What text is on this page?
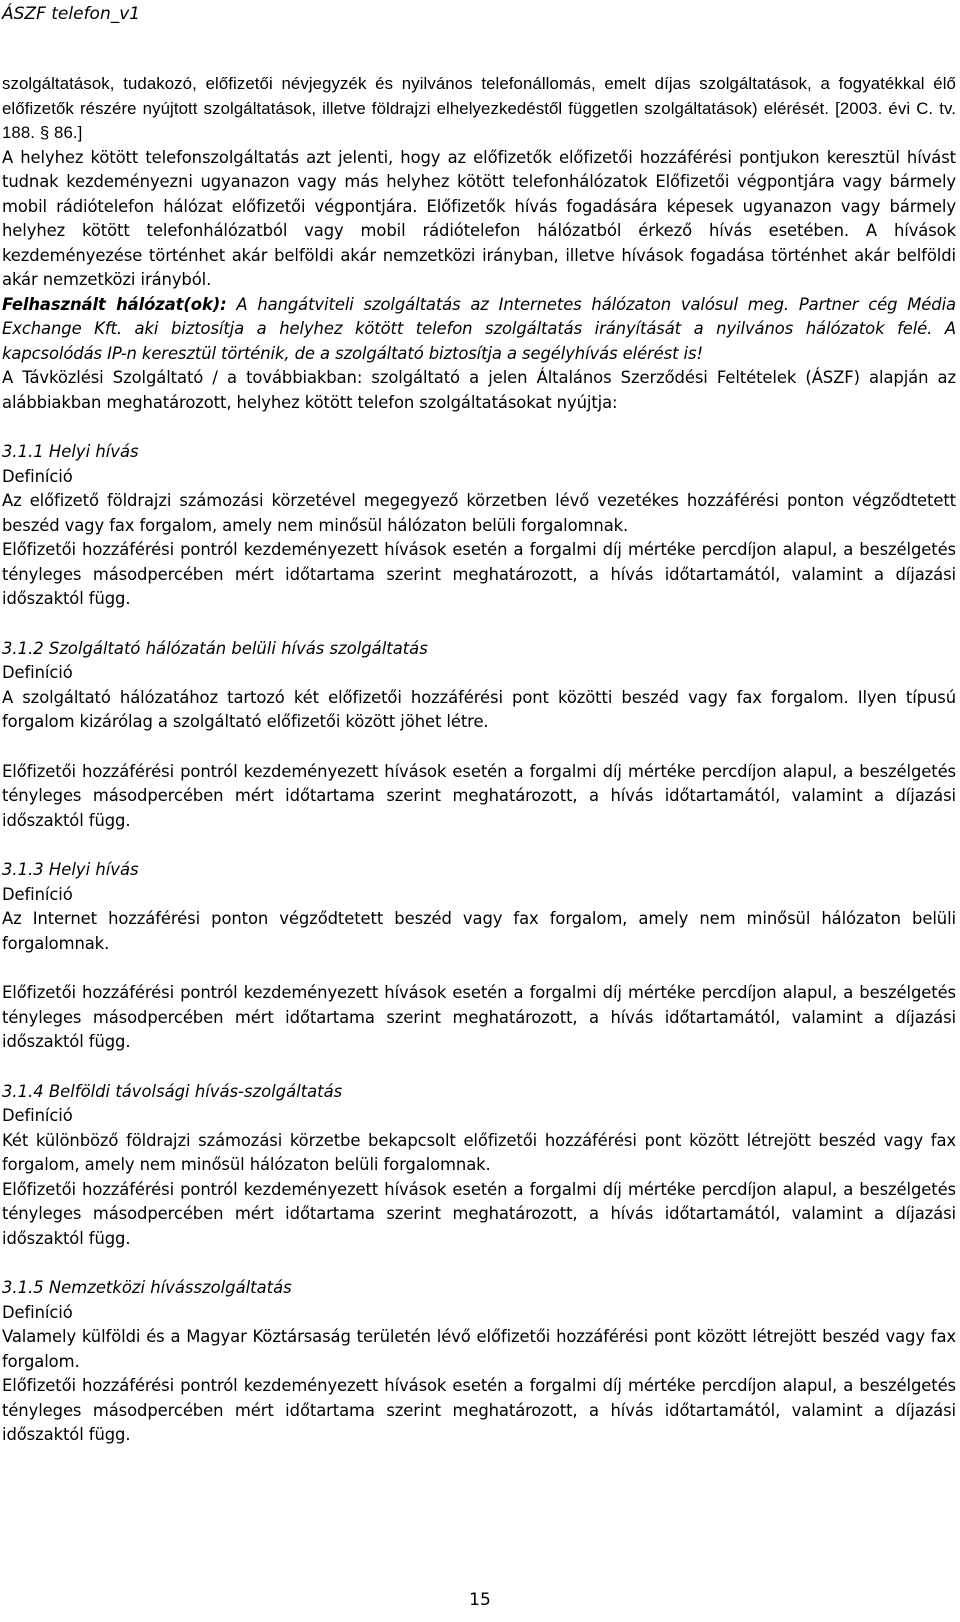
ÁSZF telefon_v1

szolgáltatások, tudakozó, előfizetői névjegyzék és nyilvános telefonállomás, emelt díjas szolgáltatások, a fogyatékkal élő előfizetők részére nyújtott szolgáltatások, illetve földrajzi elhelyezkedéstől független szolgáltatások) elérését. [2003. évi C. tv. 188. § 86.]

A helyhez kötött telefonszolgáltatás azt jelenti, hogy az előfizetők előfizetői hozzáférési pontjukon keresztül hívást tudnak kezdeményezni ugyanazon vagy más helyhez kötött telefonhálózatok Előfizetői végpontjára vagy bármely mobil rádiótelefon hálózat előfizetői végpontjára. Előfizetők hívás fogadására képesek ugyanazon vagy bármely helyhez kötött telefonhálózatból vagy mobil rádiótelefon hálózatból érkező hívás esetében. A hívások kezdeményezése történhet akár belföldi akár nemzetközi irányban, illetve hívások fogadása történhet akár belföldi akár nemzetközi irányból.

Felhasznált hálózat(ok): A hangátviteli szolgáltatás az Internetes hálózaton valósul meg. Partner cég Média Exchange Kft. aki biztosítja a helyhez kötött telefon szolgáltatás irányítását a nyilvános hálózatok felé. A kapcsolódás IP-n keresztül történik, de a szolgáltató biztosítja a segélyhívás elérést is!

A Távközlési Szolgáltató / a továbbiakban: szolgáltató a jelen Általános Szerződési Feltételek (ÁSZF) alapján az alábbiakban meghatározott, helyhez kötött telefon szolgáltatásokat nyújtja:

3.1.1 Helyi hívás

Definíció

Az előfizető földrajzi számozási körzetével megegyező körzetben lévő vezetékes hozzáférési ponton végződtetett beszéd vagy fax forgalom, amely nem minősül hálózaton belüli forgalomnak.

Előfizetői hozzáférési pontról kezdeményezett hívások esetén a forgalmi díj mértéke percdíjon alapul, a beszélgetés tényleges másodpercében mért időtartama szerint meghatározott, a hívás időtartamától, valamint a díjazási időszaktól függ.

3.1.2 Szolgáltató hálózatán belüli hívás szolgáltatás

Definíció

A szolgáltató hálózatához tartozó két előfizetői hozzáférési pont közötti beszéd vagy fax forgalom. Ilyen típusú forgalom kizárólag a szolgáltató előfizetői között jöhet létre.

Előfizetői hozzáférési pontról kezdeményezett hívások esetén a forgalmi díj mértéke percdíjon alapul, a beszélgetés tényleges másodpercében mért időtartama szerint meghatározott, a hívás időtartamától, valamint a díjazási időszaktól függ.

3.1.3 Helyi hívás

Definíció

Az Internet hozzáférési ponton végződtetett beszéd vagy fax forgalom, amely nem minősül hálózaton belüli forgalomnak.

Előfizetői hozzáférési pontról kezdeményezett hívások esetén a forgalmi díj mértéke percdíjon alapul, a beszélgetés tényleges másodpercében mért időtartama szerint meghatározott, a hívás időtartamától, valamint a díjazási időszaktól függ.

3.1.4 Belföldi távolsági hívás-szolgáltatás

Definíció

Két különböző földrajzi számozási körzetbe bekapcsolt előfizetői hozzáférési pont között létrejött beszéd vagy fax forgalom, amely nem minősül hálózaton belüli forgalomnak.

Előfizetői hozzáférési pontról kezdeményezett hívások esetén a forgalmi díj mértéke percdíjon alapul, a beszélgetés tényleges másodpercében mért időtartama szerint meghatározott, a hívás időtartamától, valamint a díjazási időszaktól függ.

3.1.5 Nemzetközi hívásszolgáltatás

Definíció

Valamely külföldi és a Magyar Köztársaság területén lévő előfizetői hozzáférési pont között létrejött beszéd vagy fax forgalom.

Előfizetői hozzáférési pontról kezdeményezett hívások esetén a forgalmi díj mértéke percdíjon alapul, a beszélgetés tényleges másodpercében mért időtartama szerint meghatározott, a hívás időtartamától, valamint a díjazási időszaktól függ.

15
